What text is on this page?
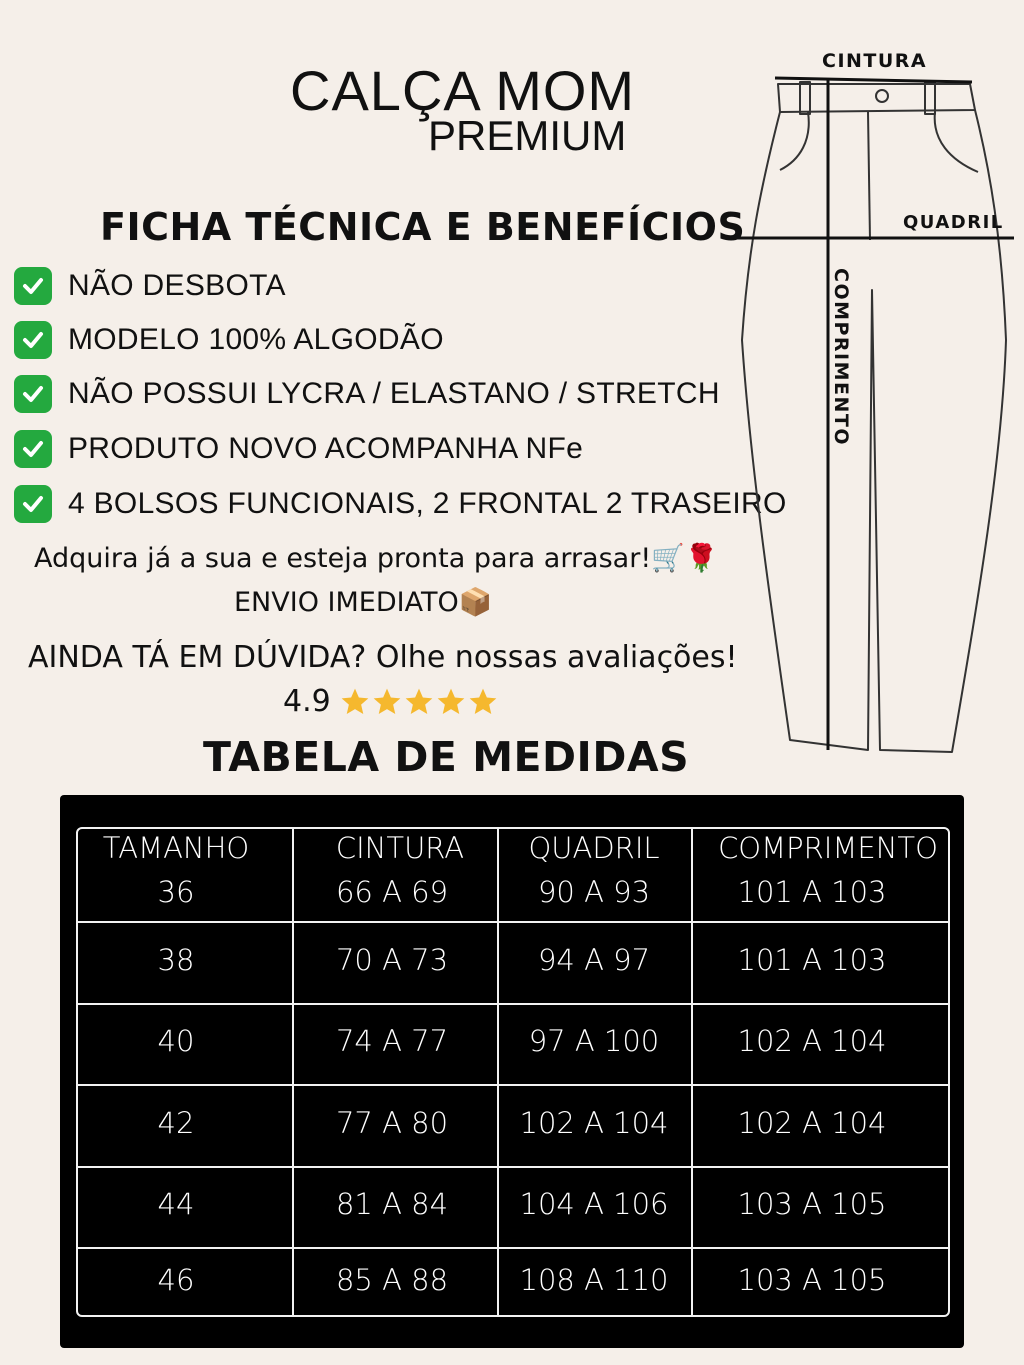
CALÇA MOM
PREMIUM
FICHA TÉCNICA E BENEFÍCIOS
NÃO DESBOTA
MODELO 100% ALGODÃO
NÃO POSSUI LYCRA / ELASTANO / STRETCH
PRODUTO NOVO ACOMPANHA NFe
4 BOLSOS FUNCIONAIS, 2 FRONTAL 2 TRASEIRO
Adquira já a sua e esteja pronta para arrasar!🛒🌹
ENVIO IMEDIATO📦
AINDA TÁ EM DÚVIDA? Olhe nossas avaliações!
4.9
TABELA DE MEDIDAS
CINTURA
QUADRIL
COMPRIMENTO
TAMANHO	CINTURA	QUADRIL	COMPRIMENTO
36	66 A 69	90 A 93	101 A 103
38	70 A 73	94 A 97	101 A 103
40	74 A 77	97 A 100	102 A 104
42	77 A 80	102 A 104	102 A 104
44	81 A 84	104 A 106	103 A 105
46	85 A 88	108 A 110	103 A 105
